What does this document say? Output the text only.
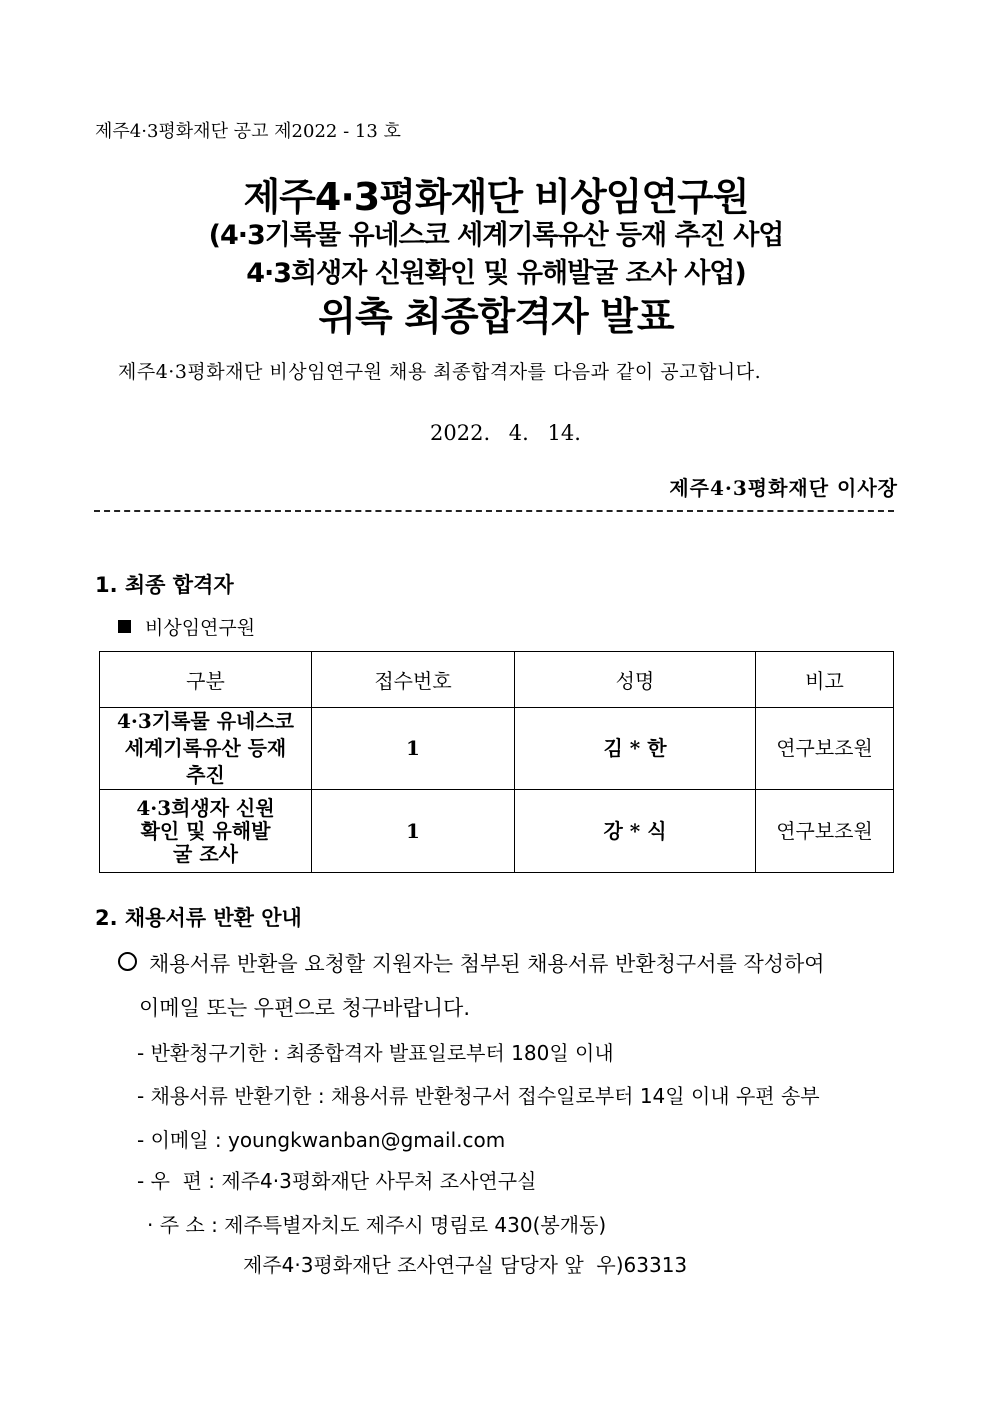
제주4·3평화재단 공고 제2022 - 13 호
제주4·3평화재단 비상임연구원
(4·3기록물 유네스코 세계기록유산 등재 추진 사업
4·3희생자 신원확인 및 유해발굴 조사 사업)
위촉 최종합격자 발표
제주4·3평화재단 비상임연구원 채용 최종합격자를 다음과 같이 공고합니다.
2022. 4. 14.
제주4·3평화재단 이사장
1. 최종 합격자
비상임연구원
구분	접수번호	성명	비고
4·3기록물 유네스코 세계기록유산 등재 추진	1	김 * 한	연구보조원
4·3희생자 신원확인 및 유해발굴 조사	1	강 * 식	연구보조원
2. 채용서류 반환 안내
채용서류 반환을 요청할 지원자는 첨부된 채용서류 반환청구서를 작성하여
이메일 또는 우편으로 청구바랍니다.
- 반환청구기한 : 최종합격자 발표일로부터 180일 이내
- 채용서류 반환기한 : 채용서류 반환청구서 접수일로부터 14일 이내 우편 송부
- 이메일 : youngkwanban@gmail.com
- 우  편 : 제주4·3평화재단 사무처 조사연구실
· 주 소 : 제주특별자치도 제주시 명림로 430(봉개동)
제주4·3평화재단 조사연구실 담당자 앞  우)63313
